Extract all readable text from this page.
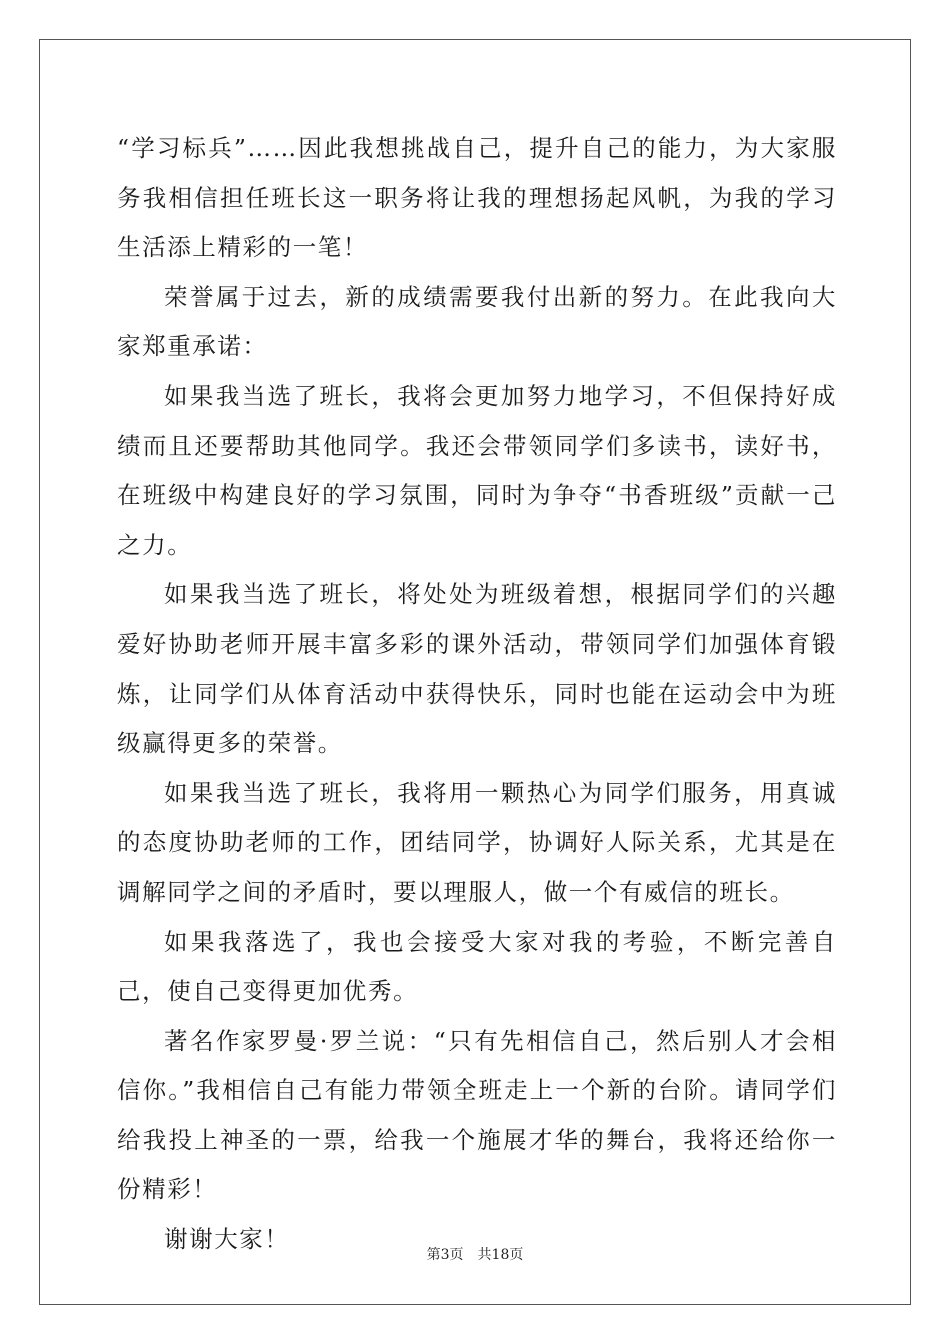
“学习标兵”……因此我想挑战自己，提升自己的能力，为大家服务我相信担任班长这一职务将让我的理想扬起风帆，为我的学习生活添上精彩的一笔！

荣誉属于过去，新的成绩需要我付出新的努力。在此我向大家郑重承诺：

如果我当选了班长，我将会更加努力地学习，不但保持好成绩而且还要帮助其他同学。我还会带领同学们多读书，读好书，在班级中构建良好的学习氛围，同时为争夺“书香班级”贡献一己之力。

如果我当选了班长，将处处为班级着想，根据同学们的兴趣爱好协助老师开展丰富多彩的课外活动，带领同学们加强体育锻炼，让同学们从体育活动中获得快乐，同时也能在运动会中为班级赢得更多的荣誉。

如果我当选了班长，我将用一颗热心为同学们服务，用真诚的态度协助老师的工作，团结同学，协调好人际关系，尤其是在调解同学之间的矛盾时，要以理服人，做一个有威信的班长。

如果我落选了，我也会接受大家对我的考验，不断完善自己，使自己变得更加优秀。

著名作家罗曼·罗兰说：“只有先相信自己，然后别人才会相信你。”我相信自己有能力带领全班走上一个新的台阶。请同学们给我投上神圣的一票，给我一个施展才华的舞台，我将还给你一份精彩！

谢谢大家！

第3页 共18页
